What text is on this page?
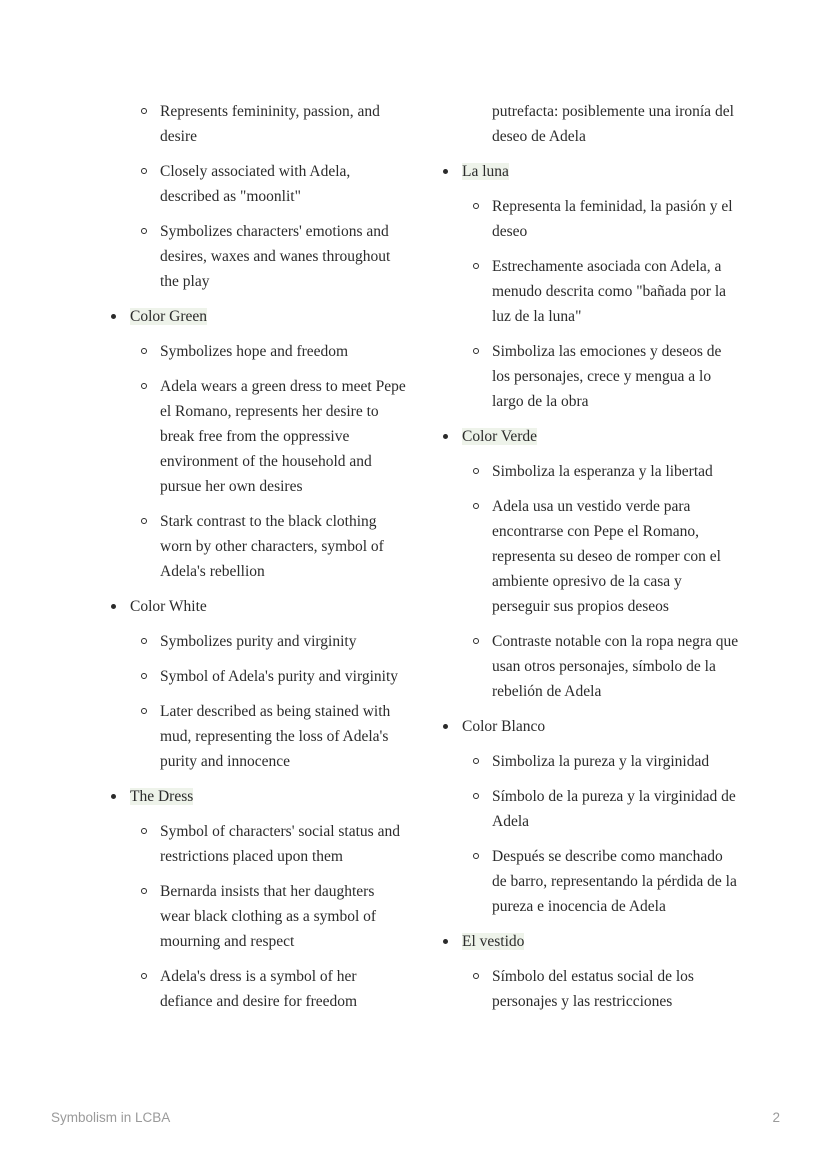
Represents femininity, passion, and desire
Closely associated with Adela, described as "moonlit"
Symbolizes characters' emotions and desires, waxes and wanes throughout the play
Color Green
Symbolizes hope and freedom
Adela wears a green dress to meet Pepe el Romano, represents her desire to break free from the oppressive environment of the household and pursue her own desires
Stark contrast to the black clothing worn by other characters, symbol of Adela's rebellion
Color White
Symbolizes purity and virginity
Symbol of Adela's purity and virginity
Later described as being stained with mud, representing the loss of Adela's purity and innocence
The Dress
Symbol of characters' social status and restrictions placed upon them
Bernarda insists that her daughters wear black clothing as a symbol of mourning and respect
Adela's dress is a symbol of her defiance and desire for freedom
putrefacta: posiblemente una ironía del deseo de Adela
La luna
Representa la feminidad, la pasión y el deseo
Estrechamente asociada con Adela, a menudo descrita como "bañada por la luz de la luna"
Simboliza las emociones y deseos de los personajes, crece y mengua a lo largo de la obra
Color Verde
Simboliza la esperanza y la libertad
Adela usa un vestido verde para encontrarse con Pepe el Romano, representa su deseo de romper con el ambiente opresivo de la casa y perseguir sus propios deseos
Contraste notable con la ropa negra que usan otros personajes, símbolo de la rebelión de Adela
Color Blanco
Simboliza la pureza y la virginidad
Símbolo de la pureza y la virginidad de Adela
Después se describe como manchado de barro, representando la pérdida de la pureza e inocencia de Adela
El vestido
Símbolo del estatus social de los personajes y las restricciones
Symbolism in LCBA	2
